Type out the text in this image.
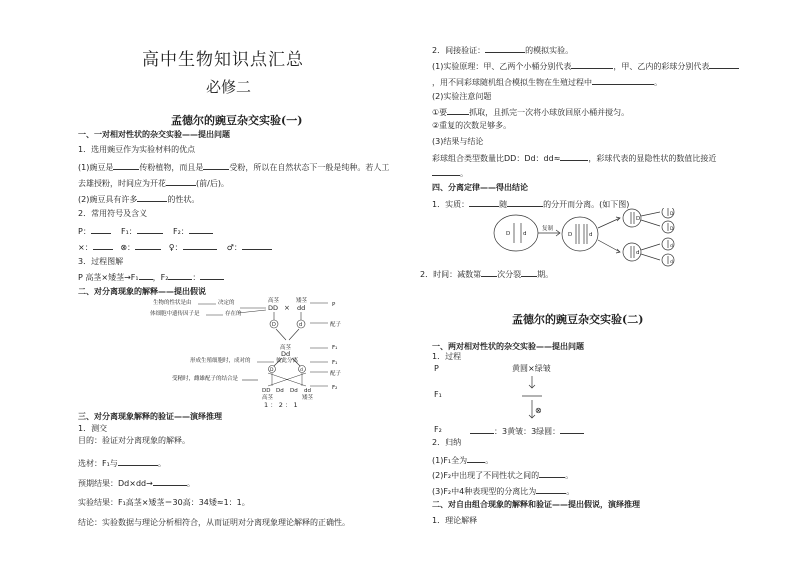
高中生物知识点汇总
必修二
孟德尔的豌豆杂交实验(一)
一、一对相对性状的杂交实验——提出问题
1．选用豌豆作为实验材料的优点
(1)豌豆是	传粉植物，而且是	受粉，所以在自然状态下一般是纯种。若人工
去雄授粉，时间应为开花	(前/后)。
(2)豌豆具有许多	的性状。
2．常用符号及含义
P：	F₁：	F₂：
×：	⊗：	♀：	♂：
3．过程图解
P 高茎×矮茎→F₁ ，F₂	：
二、对分离现象的解释——提出假说
生物的性状是由	决定的
体细胞中遗传因子是	存在的
高茎	矮茎
DD	dd
×	P
D	d	配子
高茎
Dd
F₁
D	d
形成生殖细胞时，成对的	彼此分离	F₁
配子
受精时，雌雄配子的结合是
DD Dd Dd dd	F₂
高茎	矮茎
1 ： 2 ： 1
三、对分离现象解释的验证——演绎推理
1．测交
目的：验证对分离现象的解释。
选材：F₁与	。
预期结果：Dd×dd→	。
实验结果：F₁高茎×矮茎＝30高：34矮≈1：1。
结论：实验数据与理论分析相符合，从而证明对分离现象理论解释的正确性。
2．间接验证：	的模拟实验。
(1)实验原理：甲、乙两个小桶分别代表	，甲、乙内的彩球分别代表
，用不同彩球随机组合模拟生物在生殖过程中	。
(2)实验注意问题
①要	抓取，且抓完一次将小球放回原小桶并搅匀。
②重复的次数足够多。
(3)结果与结论
彩球组合类型数量比DD：Dd：dd≈	，彩球代表的显隐性状的数值比接近
。
四、分离定律——得出结论
1．实质：	随	的分开而分离。(如下图)
D d
复制
D	d
D
d
D
D
d
d
2．时间：减数第 次分裂 期。
孟德尔的豌豆杂交实验(二)
一、两对相对性状的杂交实验——提出问题
1．过程
P	黄圆×绿皱
F₁
⊗
F₂	：3黄皱：3绿圆：
2．归纳
(1)F₁全为 。
(2)F₂中出现了不同性状之间的	。
(3)F₂中4种表现型的分离比为	。
二、对自由组合现象的解释和验证——提出假说，演绎推理
1．理论解释
